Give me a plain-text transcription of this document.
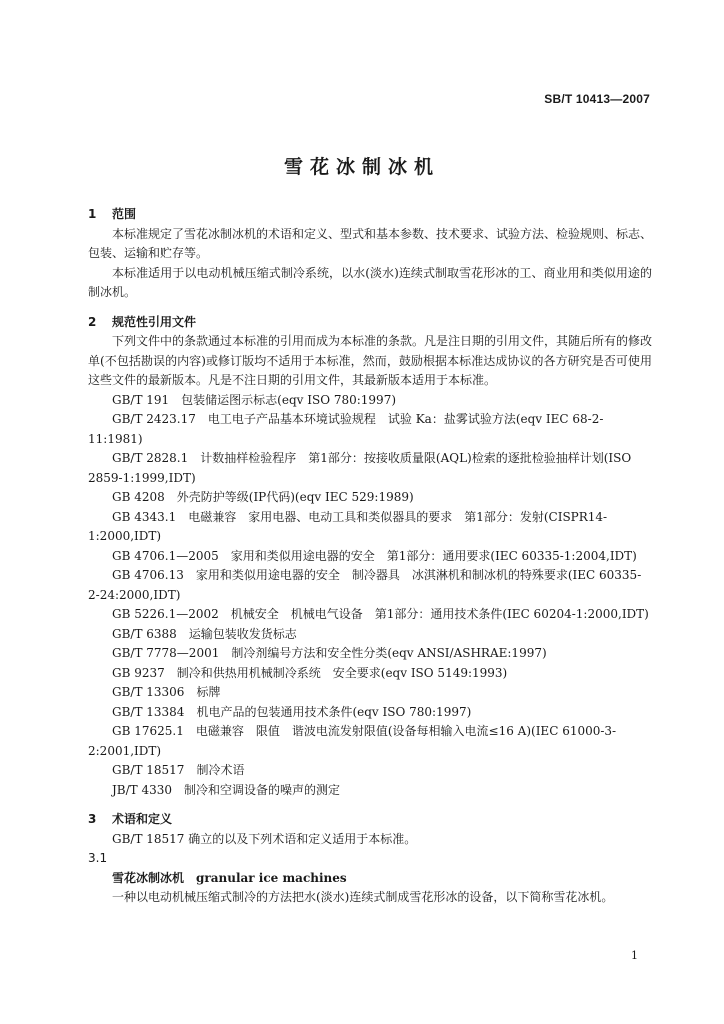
SB/T 10413—2007
雪花冰制冰机
1 范围

本标准规定了雪花冰制冰机的术语和定义、型式和基本参数、技术要求、试验方法、检验规则、标志、包装、运输和贮存等。

本标准适用于以电动机械压缩式制冷系统，以水(淡水)连续式制取雪花形冰的工、商业用和类似用途的制冰机。

2 规范性引用文件

下列文件中的条款通过本标准的引用而成为本标准的条款。凡是注日期的引用文件，其随后所有的修改单(不包括勘误的内容)或修订版均不适用于本标准，然而，鼓励根据本标准达成协议的各方研究是否可使用这些文件的最新版本。凡是不注日期的引用文件，其最新版本适用于本标准。

GB/T 191　包装储运图示标志(eqv ISO 780:1997)

GB/T 2423.17　电工电子产品基本环境试验规程　试验 Ka：盐雾试验方法(eqv IEC 68-2-11:1981)

GB/T 2828.1　计数抽样检验程序　第1部分：按接收质量限(AQL)检索的逐批检验抽样计划(ISO 2859-1:1999,IDT)

GB 4208　外壳防护等级(IP代码)(eqv IEC 529:1989)

GB 4343.1　电磁兼容　家用电器、电动工具和类似器具的要求　第1部分：发射(CISPR14-1:2000,IDT)

GB 4706.1—2005　家用和类似用途电器的安全　第1部分：通用要求(IEC 60335-1:2004,IDT)

GB 4706.13　家用和类似用途电器的安全　制冷器具　冰淇淋机和制冰机的特殊要求(IEC 60335-2-24:2000,IDT)

GB 5226.1—2002　机械安全　机械电气设备　第1部分：通用技术条件(IEC 60204-1:2000,IDT)

GB/T 6388　运输包装收发货标志

GB/T 7778—2001　制冷剂编号方法和安全性分类(eqv ANSI/ASHRAE:1997)

GB 9237　制冷和供热用机械制冷系统　安全要求(eqv ISO 5149:1993)

GB/T 13306　标牌

GB/T 13384　机电产品的包装通用技术条件(eqv ISO 780:1997)

GB 17625.1　电磁兼容　限值　谐波电流发射限值(设备每相输入电流≤16 A)(IEC 61000-3-2:2001,IDT)

GB/T 18517　制冷术语

JB/T 4330　制冷和空调设备的噪声的测定

3 术语和定义

GB/T 18517 确立的以及下列术语和定义适用于本标准。

3.1

雪花冰制冰机 granular ice machines

一种以电动机械压缩式制冷的方法把水(淡水)连续式制成雪花形冰的设备，以下简称雪花冰机。

1
